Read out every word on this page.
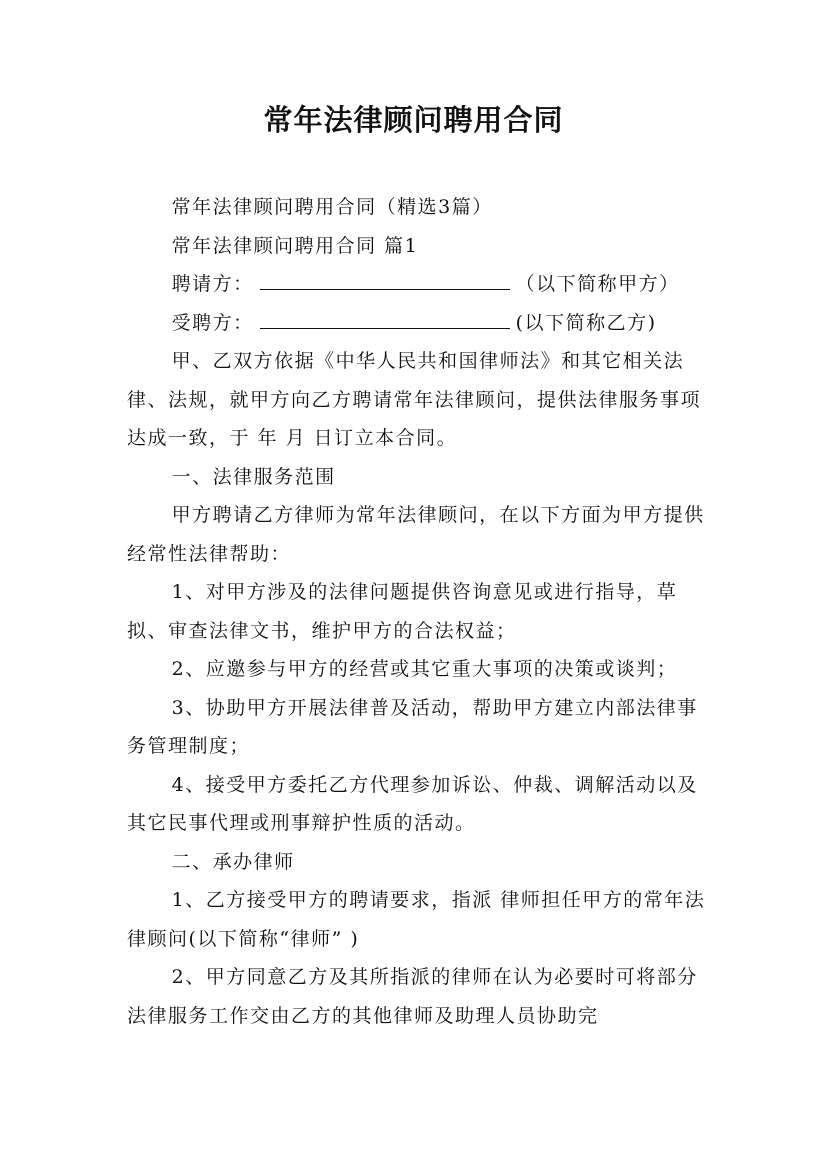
常年法律顾问聘用合同

常年法律顾问聘用合同（精选3篇）

常年法律顾问聘用合同 篇1

聘请方：	（以下简称甲方）

受聘方：	(以下简称乙方)

甲、乙双方依据《中华人民共和国律师法》和其它相关法律、法规，就甲方向乙方聘请常年法律顾问，提供法律服务事项达成一致，于 年 月 日订立本合同。

一、法律服务范围

甲方聘请乙方律师为常年法律顾问，在以下方面为甲方提供经常性法律帮助：

1、对甲方涉及的法律问题提供咨询意见或进行指导，草拟、审查法律文书，维护甲方的合法权益；

2、应邀参与甲方的经营或其它重大事项的决策或谈判；

3、协助甲方开展法律普及活动，帮助甲方建立内部法律事务管理制度；

4、接受甲方委托乙方代理参加诉讼、仲裁、调解活动以及其它民事代理或刑事辩护性质的活动。

二、承办律师

1、乙方接受甲方的聘请要求，指派 律师担任甲方的常年法律顾问(以下简称“律师” )

2、甲方同意乙方及其所指派的律师在认为必要时可将部分法律服务工作交由乙方的其他律师及助理人员协助完
